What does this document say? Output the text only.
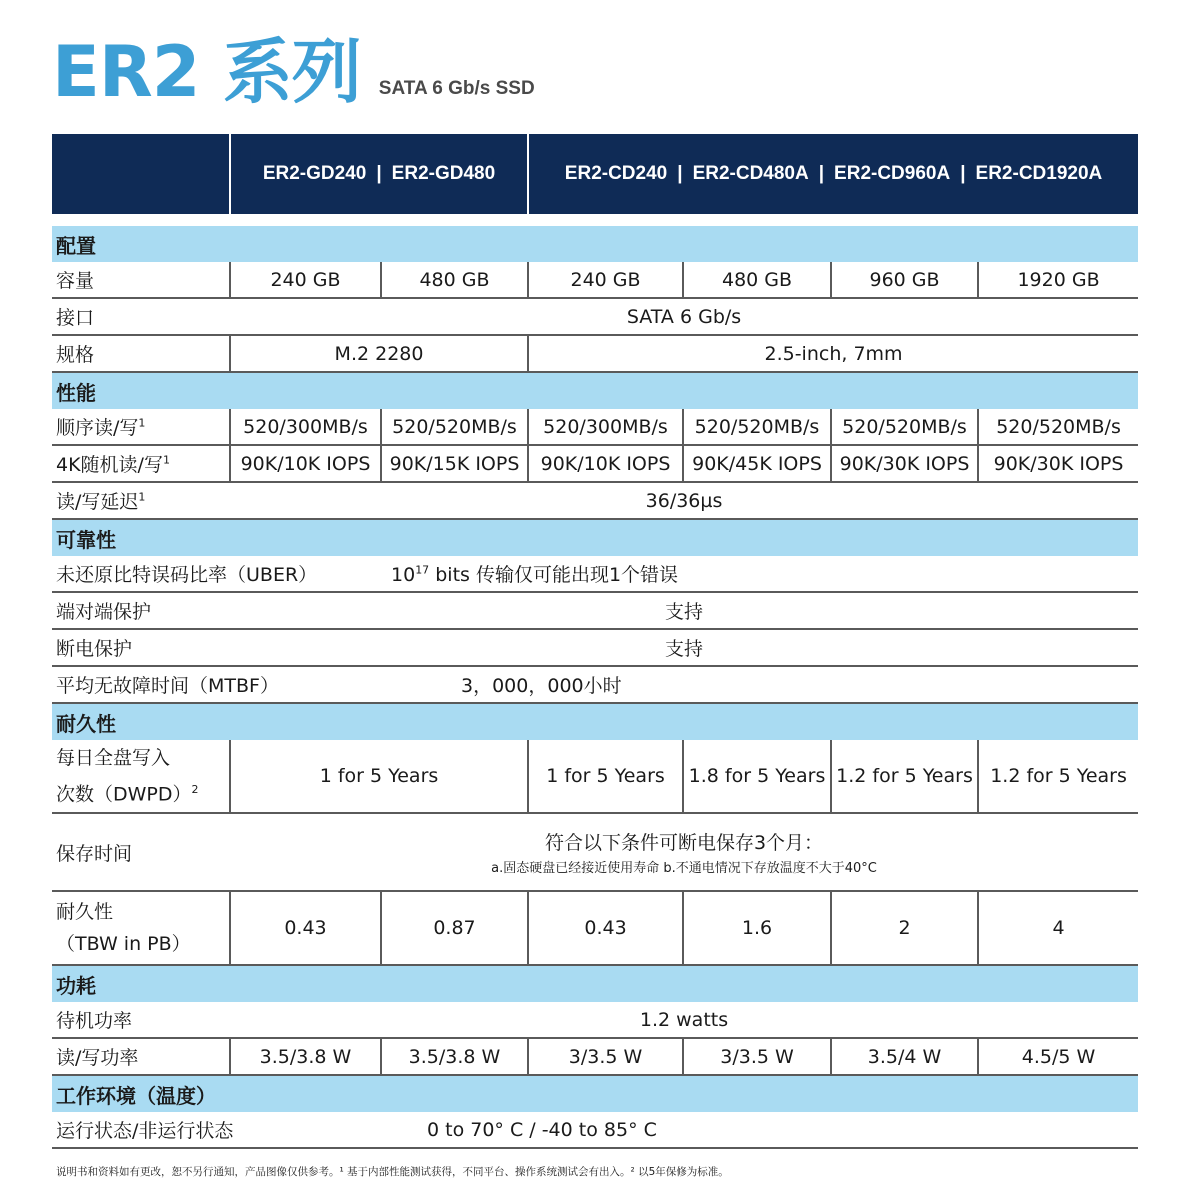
ER2 系列 SATA 6 Gb/s SSD
	ER2-GD240 | ER2-GD480		ER2-CD240 | ER2-CD480A | ER2-CD960A | ER2-CD1920A			

配置						
容量	240 GB	480 GB	240 GB	480 GB	960 GB	1920 GB
接口	SATA 6 Gb/s					
规格	M.2 2280		2.5-inch, 7mm			
性能						
顺序读/写$^1$	520/300MB/s	520/520MB/s	520/300MB/s	520/520MB/s	520/520MB/s	520/520MB/s
4K随机读/写$^1$	90K/10K IOPS	90K/15K IOPS	90K/10K IOPS	90K/45K IOPS	90K/30K IOPS	90K/30K IOPS
读/写延迟$^1$	36/36µs					
可靠性						
未还原比特误码比率（UBER）		$10^{17}$ bits 传输仅可能出现1个错误				
端对端保护	支持					
断电保护	支持					
平均无故障时间（MTBF）		3，000，000小时				
耐久性						

每日全盘写入
次数（DWPD）$^2$	1 for 5 Years		1 for 5 Years	1.8 for 5 Years	1.2 for 5 Years	1.2 for 5 Years
保存时间	符合以下条件可断电保存3个月：
a.固态硬盘已经接近使用寿命 b.不通电情况下存放温度不大于40°C					

耐久性
（TBW in PB）	0.43	0.87	0.43	1.6	2	4
功耗						
待机功率	1.2 watts					
读/写功率	3.5/3.8 W	3.5/3.8 W	3/3.5 W	3/3.5 W	3.5/4 W	4.5/5 W
工作环境（温度）						
运行状态/非运行状态		0 to 70° C / -40 to 85° C				
说明书和资料如有更改，恕不另行通知，产品图像仅供参考。¹ 基于内部性能测试获得，不同平台、操作系统测试会有出入。² 以5年保修为标准。
